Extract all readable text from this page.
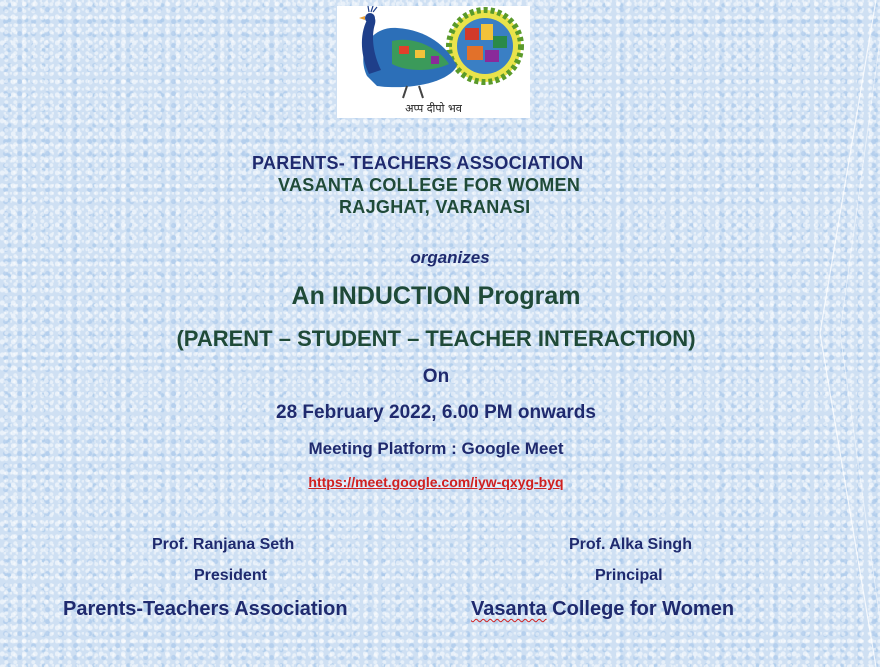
अप्प दीपो भव
PARENTS- TEACHERS ASSOCIATION
VASANTA COLLEGE FOR WOMEN
RAJGHAT, VARANASI
organizes
An INDUCTION Program
(PARENT – STUDENT – TEACHER INTERACTION)
On
28 February 2022, 6.00 PM onwards
Meeting Platform : Google Meet
https://meet.google.com/iyw-qxyg-byq
Prof. Ranjana Seth
President
Parents-Teachers Association
Prof. Alka Singh
Principal
Vasanta College for Women
